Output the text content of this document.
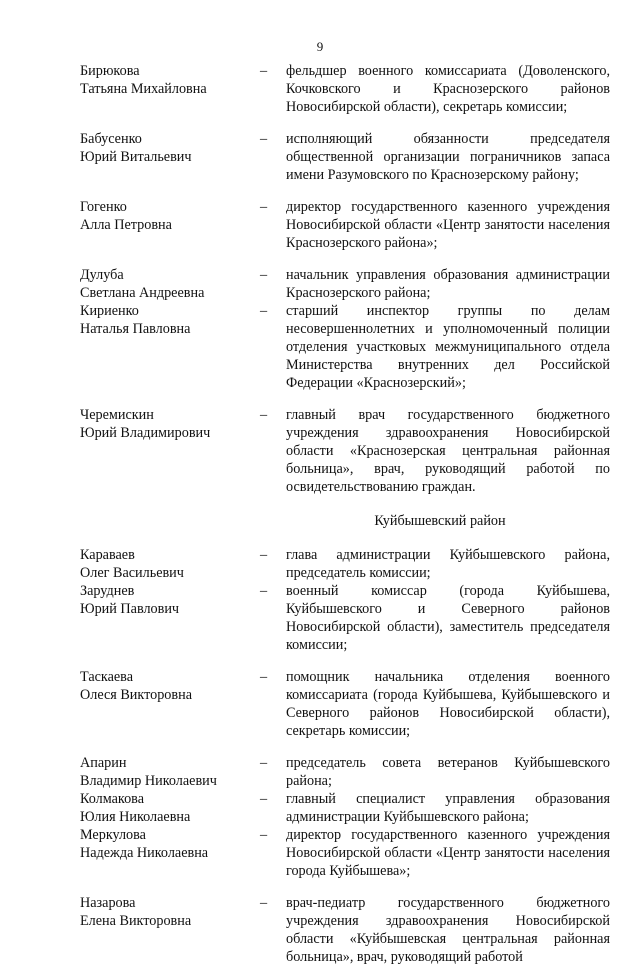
9
Бирюкова
Татьяна Михайловна
–	фельдшер военного комиссариата (Доволенского, Кочковского и Краснозерского районов Новосибирской области), секретарь комиссии;
Бабусенко
Юрий Витальевич
–	исполняющий обязанности председателя общественной организации пограничников запаса имени Разумовского по Краснозерскому району;
Гогенко
Алла Петровна
–	директор государственного казенного учреждения Новосибирской области «Центр занятости населения Краснозерского района»;
Дулуба
Светлана Андреевна
–	начальник управления образования администрации Краснозерского района;
Кириенко
Наталья Павловна
–	старший инспектор группы по делам несовершеннолетних и уполномоченный полиции отделения участковых межмуниципального отдела Министерства внутренних дел Российской Федерации «Краснозерский»;
Черемискин
Юрий Владимирович
–	главный врач государственного бюджетного учреждения здравоохранения Новосибирской области «Краснозерская центральная районная больница», врач, руководящий работой по освидетельствованию граждан.
Куйбышевский район
Караваев
Олег Васильевич
–	глава администрации Куйбышевского района, председатель комиссии;
Заруднев
Юрий Павлович
–	военный комиссар (города Куйбышева, Куйбышевского и Северного районов Новосибирской области), заместитель председателя комиссии;
Таскаева
Олеся Викторовна
–	помощник начальника отделения военного комиссариата (города Куйбышева, Куйбышевского и Северного районов Новосибирской области), секретарь комиссии;
Апарин
Владимир Николаевич
–	председатель совета ветеранов Куйбышевского района;
Колмакова
Юлия Николаевна
–	главный специалист управления образования администрации Куйбышевского района;
Меркулова
Надежда Николаевна
–	директор государственного казенного учреждения Новосибирской области «Центр занятости населения города Куйбышева»;
Назарова
Елена Викторовна
–	врач-педиатр государственного бюджетного учреждения здравоохранения Новосибирской области «Куйбышевская центральная районная больница», врач, руководящий работой
